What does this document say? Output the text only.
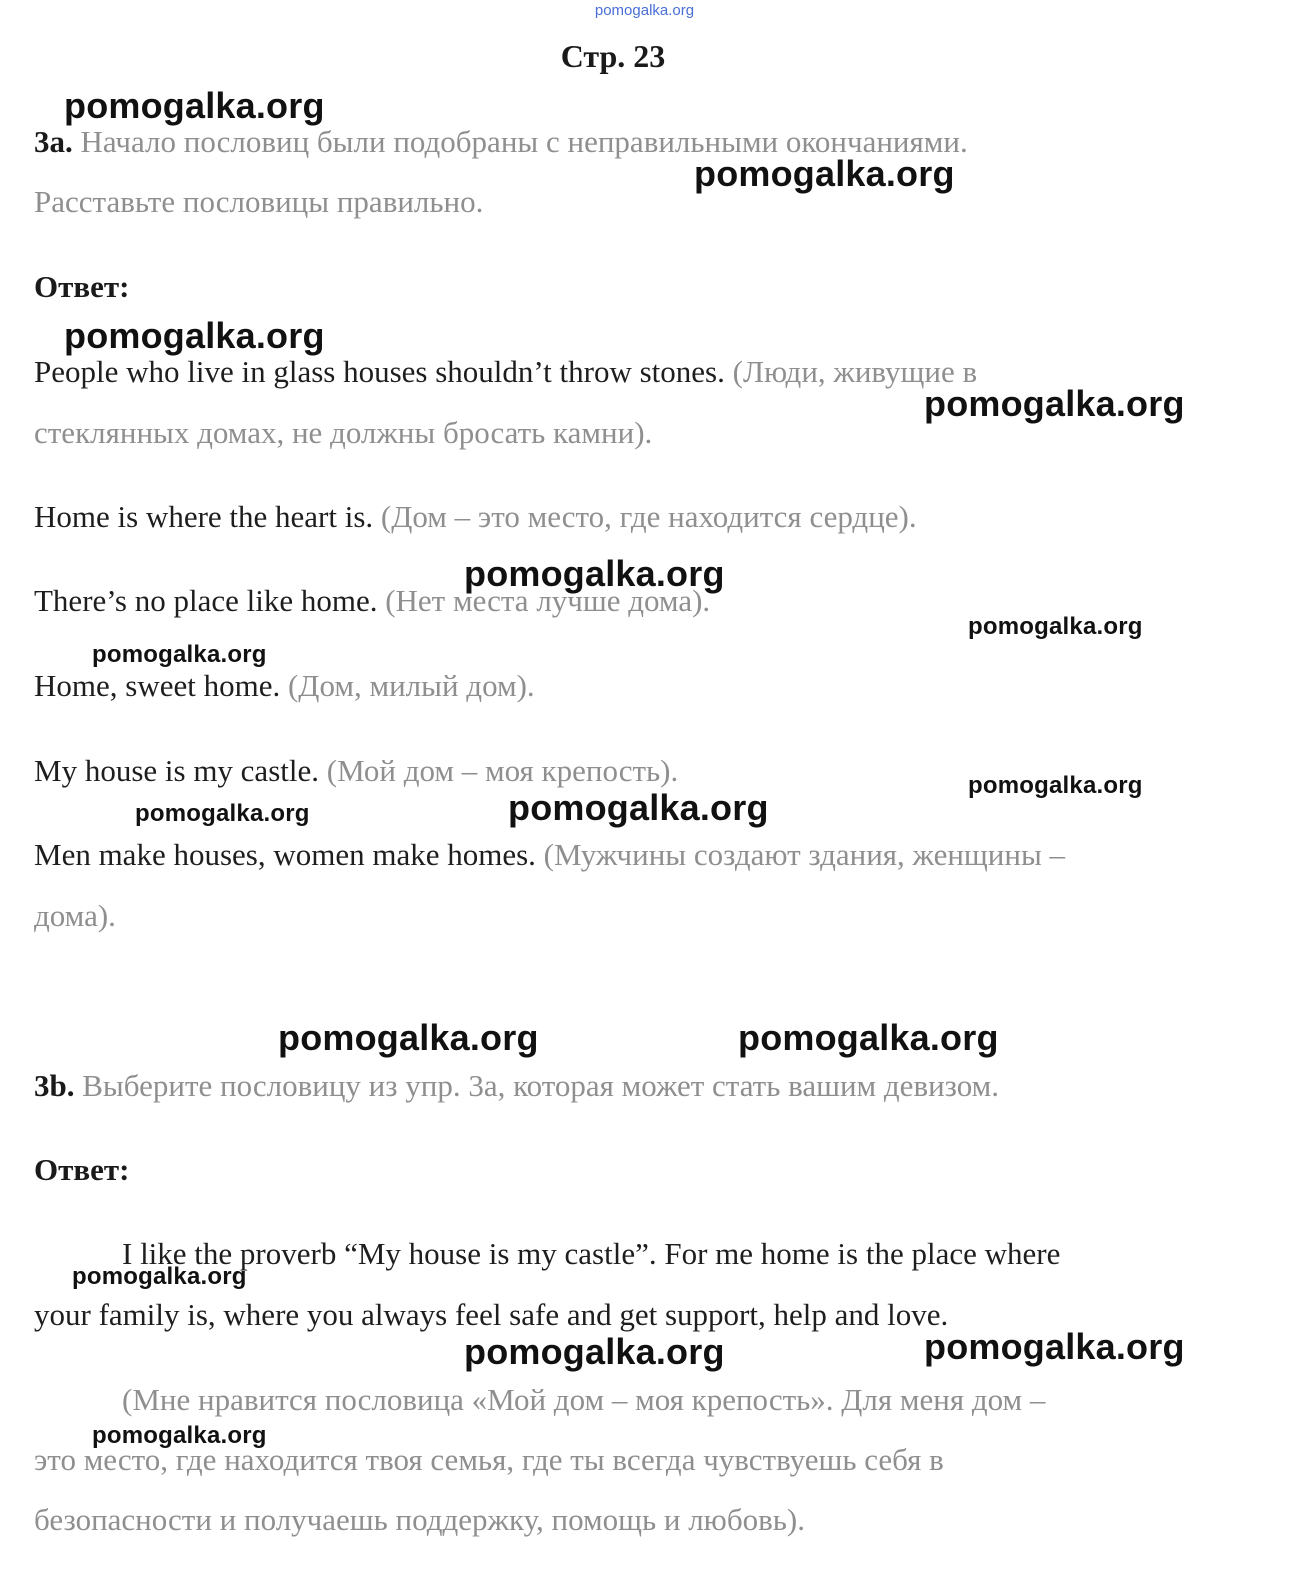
pomogalka.org
Стр. 23
3a. Начало пословиц были подобраны с неправильными окончаниями.
Расставьте пословицы правильно.
Ответ:
People who live in glass houses shouldn’t throw stones. (Люди, живущие в
стеклянных домах, не должны бросать камни).
Home is where the heart is. (Дом – это место, где находится сердце).
There’s no place like home. (Нет места лучше дома).
Home, sweet home. (Дом, милый дом).
My house is my castle. (Мой дом – моя крепость).
Men make houses, women make homes. (Мужчины создают здания, женщины –
дома).
3b. Выберите пословицу из упр. 3а, которая может стать вашим девизом.
Ответ:
I like the proverb “My house is my castle”. For me home is the place where
your family is, where you always feel safe and get support, help and love.
(Мне нравится пословица «Мой дом – моя крепость». Для меня дом –
это место, где находится твоя семья, где ты всегда чувствуешь себя в
безопасности и получаешь поддержку, помощь и любовь).
pomogalka.org
pomogalka.org
pomogalka.org
pomogalka.org
pomogalka.org
pomogalka.org
pomogalka.org
pomogalka.org
pomogalka.org
pomogalka.org
pomogalka.org	pomogalka.org
pomogalka.org
pomogalka.org
pomogalka.org
pomogalka.org
